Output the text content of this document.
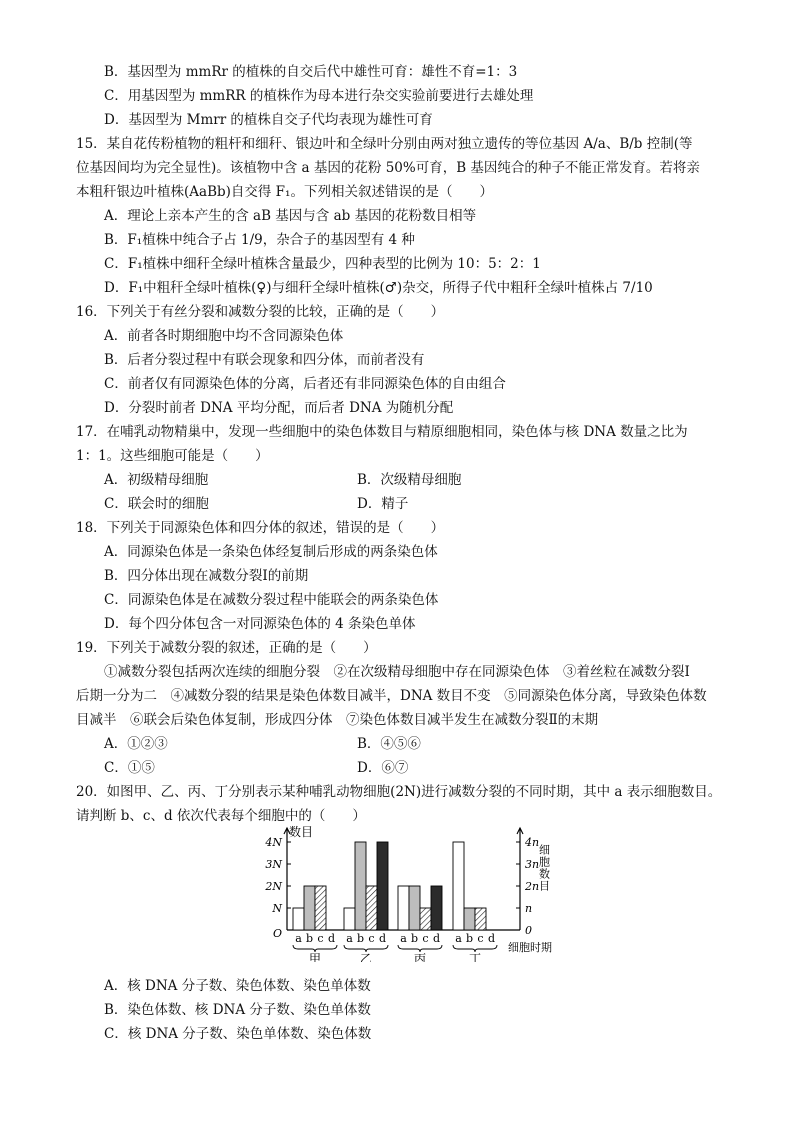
B．基因型为 mmRr 的植株的自交后代中雄性可育：雄性不育=1：3
C．用基因型为 mmRR 的植株作为母本进行杂交实验前要进行去雄处理
D．基因型为 Mmrr 的植株自交子代均表现为雄性可育
15．某自花传粉植物的粗杆和细秆、银边叶和全绿叶分别由两对独立遗传的等位基因 A/a、B/b 控制(等
位基因间均为完全显性)。该植物中含 a 基因的花粉 50%可育，B 基因纯合的种子不能正常发育。若将亲
本粗秆银边叶植株(AaBb)自交得 F₁。下列相关叙述错误的是（　　）
A．理论上亲本产生的含 aB 基因与含 ab 基因的花粉数目相等
B．F₁植株中纯合子占 1/9，杂合子的基因型有 4 种
C．F₁植株中细秆全绿叶植株含量最少，四种表型的比例为 10：5：2：1
D．F₁中粗秆全绿叶植株(♀)与细秆全绿叶植株(♂)杂交，所得子代中粗秆全绿叶植株占 7/10
16．下列关于有丝分裂和减数分裂的比较，正确的是（　　）
A．前者各时期细胞中均不含同源染色体
B．后者分裂过程中有联会现象和四分体，而前者没有
C．前者仅有同源染色体的分离，后者还有非同源染色体的自由组合
D．分裂时前者 DNA 平均分配，而后者 DNA 为随机分配
17．在哺乳动物精巢中，发现一些细胞中的染色体数目与精原细胞相同，染色体与核 DNA 数量之比为
1：1。这些细胞可能是（　　）
A．初级精母细胞	B．次级精母细胞
C．联会时的细胞	D．精子
18．下列关于同源染色体和四分体的叙述，错误的是（　　）
A．同源染色体是一条染色体经复制后形成的两条染色体
B．四分体出现在减数分裂Ⅰ的前期
C．同源染色体是在减数分裂过程中能联会的两条染色体
D．每个四分体包含一对同源染色体的 4 条染色单体
19．下列关于减数分裂的叙述，正确的是（　　）
①减数分裂包括两次连续的细胞分裂　②在次级精母细胞中存在同源染色体　③着丝粒在减数分裂Ⅰ
后期一分为二　④减数分裂的结果是染色体数目减半，DNA 数目不变　⑤同源染色体分离，导致染色体数
目减半　⑥联会后染色体复制，形成四分体　⑦染色体数目减半发生在减数分裂Ⅱ的末期
A．①②③	B．④⑤⑥
C．①⑤	D．⑥⑦
20．如图甲、乙、丙、丁分别表示某种哺乳动物细胞(2N)进行减数分裂的不同时期，其中 a 表示细胞数目。
请判断 b、c、d 依次代表每个细胞中的（　　）
数目
细胞数目
细胞时期
O	0
N	n
2N	2n
3N	3n
4N	4n
a b c d
甲
a b c d
乙
a b c d
丙
a b c d
丁
A．核 DNA 分子数、染色体数、染色单体数
B．染色体数、核 DNA 分子数、染色单体数
C．核 DNA 分子数、染色单体数、染色体数
